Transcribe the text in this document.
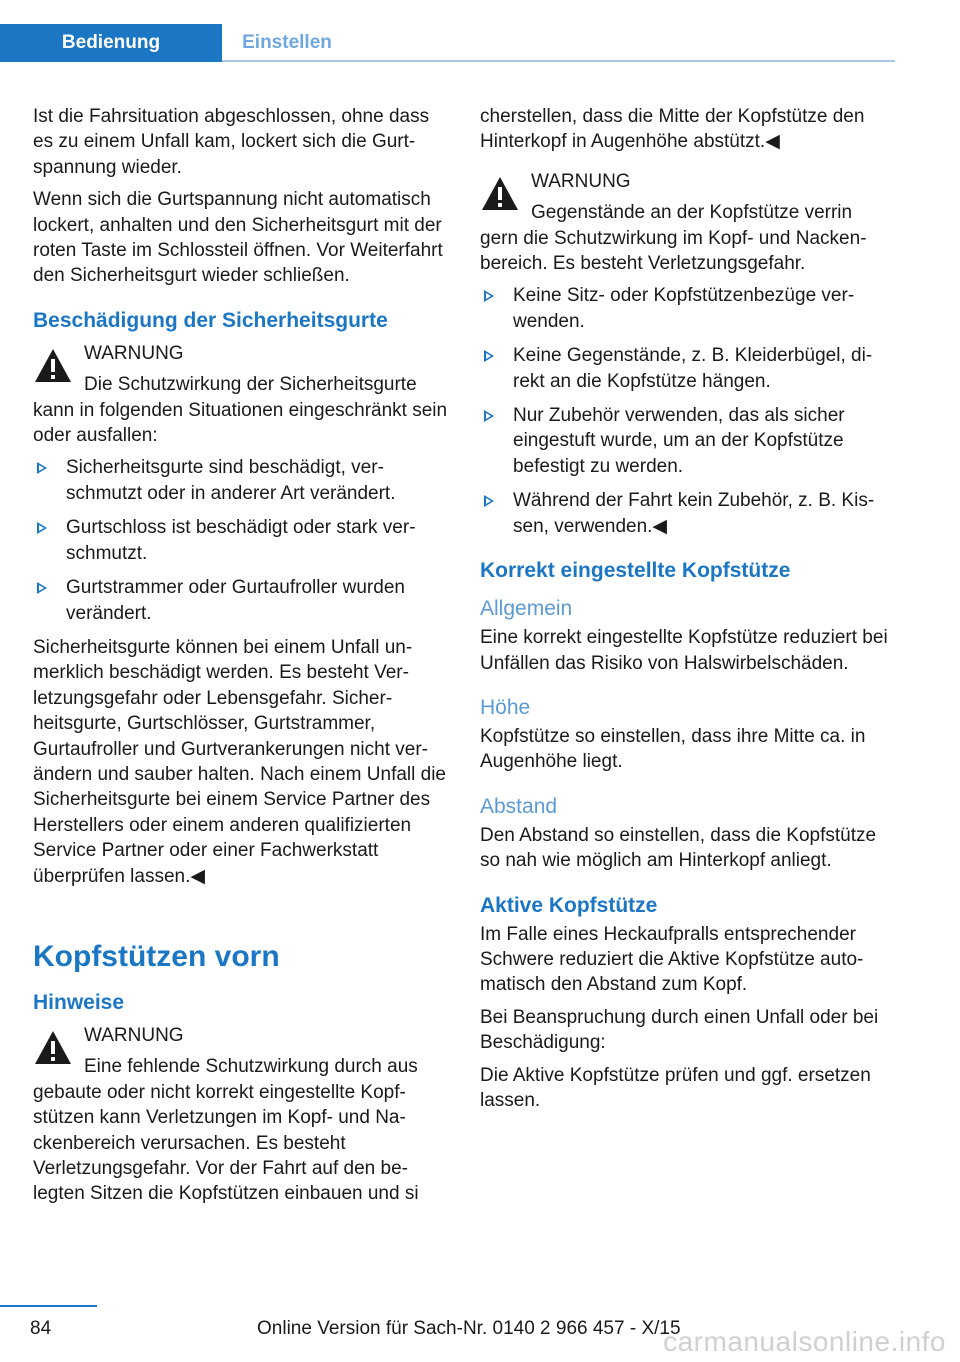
Bedienung	Einstellen

Ist die Fahrsituation abgeschlossen, ohne dass es zu einem Unfall kam, lockert sich die Gurtspannung wieder.

Wenn sich die Gurtspannung nicht automatisch lockert, anhalten und den Sicherheitsgurt mit der roten Taste im Schlossteil öffnen. Vor Weiterfahrt den Sicherheitsgurt wieder schließen.

Beschädigung der Sicherheitsgurte
WARNUNG
Die Schutzwirkung der Sicherheitsgurte

kann in folgenden Situationen eingeschränkt sein oder ausfallen:

Sicherheitsgurte sind beschädigt, verschmutzt oder in anderer Art verändert.
Gurtschloss ist beschädigt oder stark verschmutzt.
Gurtstrammer oder Gurtaufroller wurden verändert.

Sicherheitsgurte können bei einem Unfall unmerklich beschädigt werden. Es besteht Verletzungsgefahr oder Lebensgefahr. Sicherheitsgurte, Gurtschlösser, Gurtstrammer, Gurtaufroller und Gurtverankerungen nicht verändern und sauber halten. Nach einem Unfall die Sicherheitsgurte bei einem Service Partner des Herstellers oder einem anderen qualifizierten Service Partner oder einer Fachwerkstatt überprüfen lassen.◀

Kopfstützen vorn
Hinweise
WARNUNG
Eine fehlende Schutzwirkung durch aus

gebaute oder nicht korrekt eingestellte Kopfstützen kann Verletzungen im Kopf- und Nackenbereich verursachen. Es besteht Verletzungsgefahr. Vor der Fahrt auf den belegten Sitzen die Kopfstützen einbauen und si

cherstellen, dass die Mitte der Kopfstütze den Hinterkopf in Augenhöhe abstützt.◀

WARNUNG
Gegenstände an der Kopfstütze verrin

gern die Schutzwirkung im Kopf- und Nackenbereich. Es besteht Verletzungsgefahr.

Keine Sitz- oder Kopfstützenbezüge verwenden.
Keine Gegenstände, z. B. Kleiderbügel, direkt an die Kopfstütze hängen.
Nur Zubehör verwenden, das als sicher eingestuft wurde, um an der Kopfstütze befestigt zu werden.
Während der Fahrt kein Zubehör, z. B. Kissen, verwenden.◀
Korrekt eingestellte Kopfstütze
Allgemein

Eine korrekt eingestellte Kopfstütze reduziert bei Unfällen das Risiko von Halswirbelschäden.

Höhe

Kopfstütze so einstellen, dass ihre Mitte ca. in Augenhöhe liegt.

Abstand

Den Abstand so einstellen, dass die Kopfstütze so nah wie möglich am Hinterkopf anliegt.

Aktive Kopfstütze

Im Falle eines Heckaufpralls entsprechender Schwere reduziert die Aktive Kopfstütze automatisch den Abstand zum Kopf.

Bei Beanspruchung durch einen Unfall oder bei Beschädigung:

Die Aktive Kopfstütze prüfen und ggf. ersetzen lassen.

84	Online Version für Sach-Nr. 0140 2 966 457 - X/15
carmanualsonline.info
